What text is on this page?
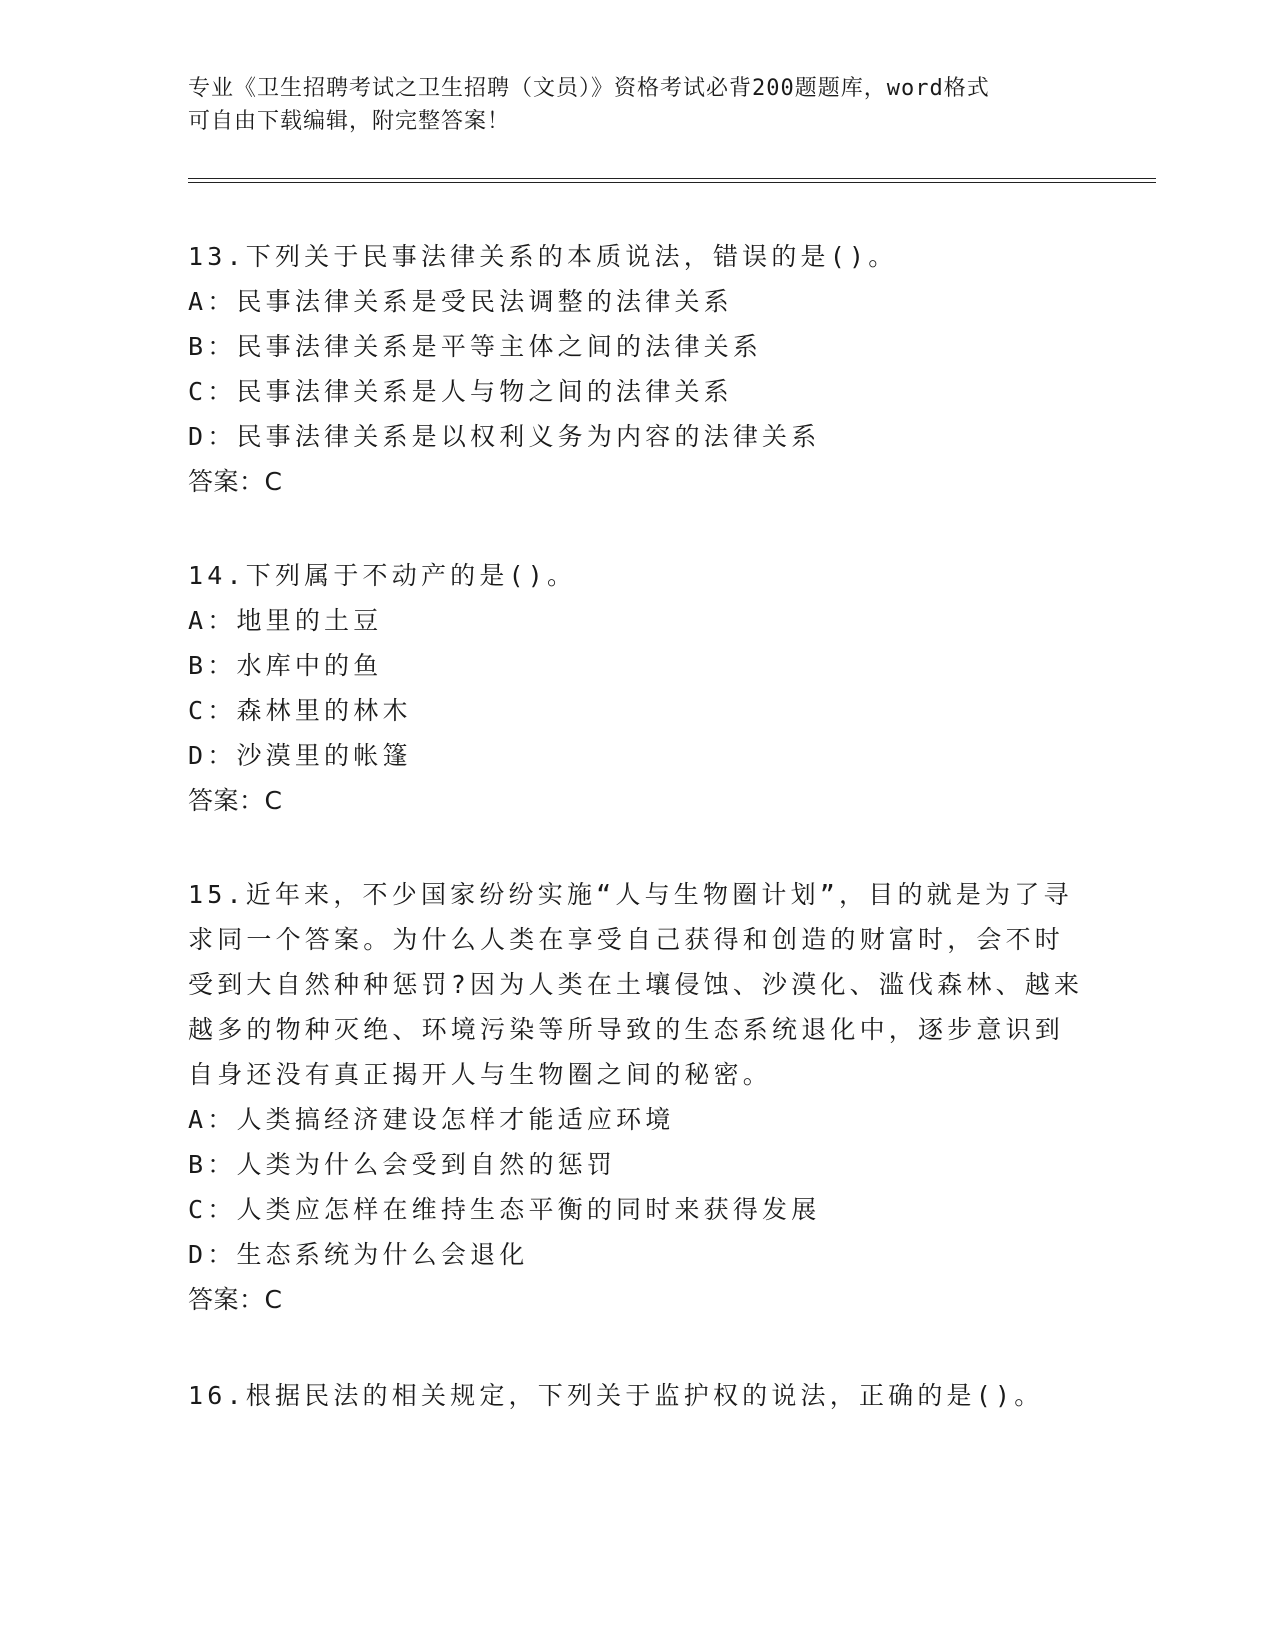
专业《卫生招聘考试之卫生招聘（文员）》资格考试必背200题题库，word格式
可自由下载编辑，附完整答案！
13.下列关于民事法律关系的本质说法，错误的是()。
A：民事法律关系是受民法调整的法律关系
B：民事法律关系是平等主体之间的法律关系
C：民事法律关系是人与物之间的法律关系
D：民事法律关系是以权利义务为内容的法律关系
答案：C
14.下列属于不动产的是()。
A：地里的土豆
B：水库中的鱼
C：森林里的林木
D：沙漠里的帐篷
答案：C
15.近年来，不少国家纷纷实施“人与生物圈计划”，目的就是为了寻
求同一个答案。为什么人类在享受自己获得和创造的财富时，会不时
受到大自然种种惩罚?因为人类在土壤侵蚀、沙漠化、滥伐森林、越来
越多的物种灭绝、环境污染等所导致的生态系统退化中，逐步意识到
自身还没有真正揭开人与生物圈之间的秘密。
A：人类搞经济建设怎样才能适应环境
B：人类为什么会受到自然的惩罚
C：人类应怎样在维持生态平衡的同时来获得发展
D：生态系统为什么会退化
答案：C
16.根据民法的相关规定，下列关于监护权的说法，正确的是()。
